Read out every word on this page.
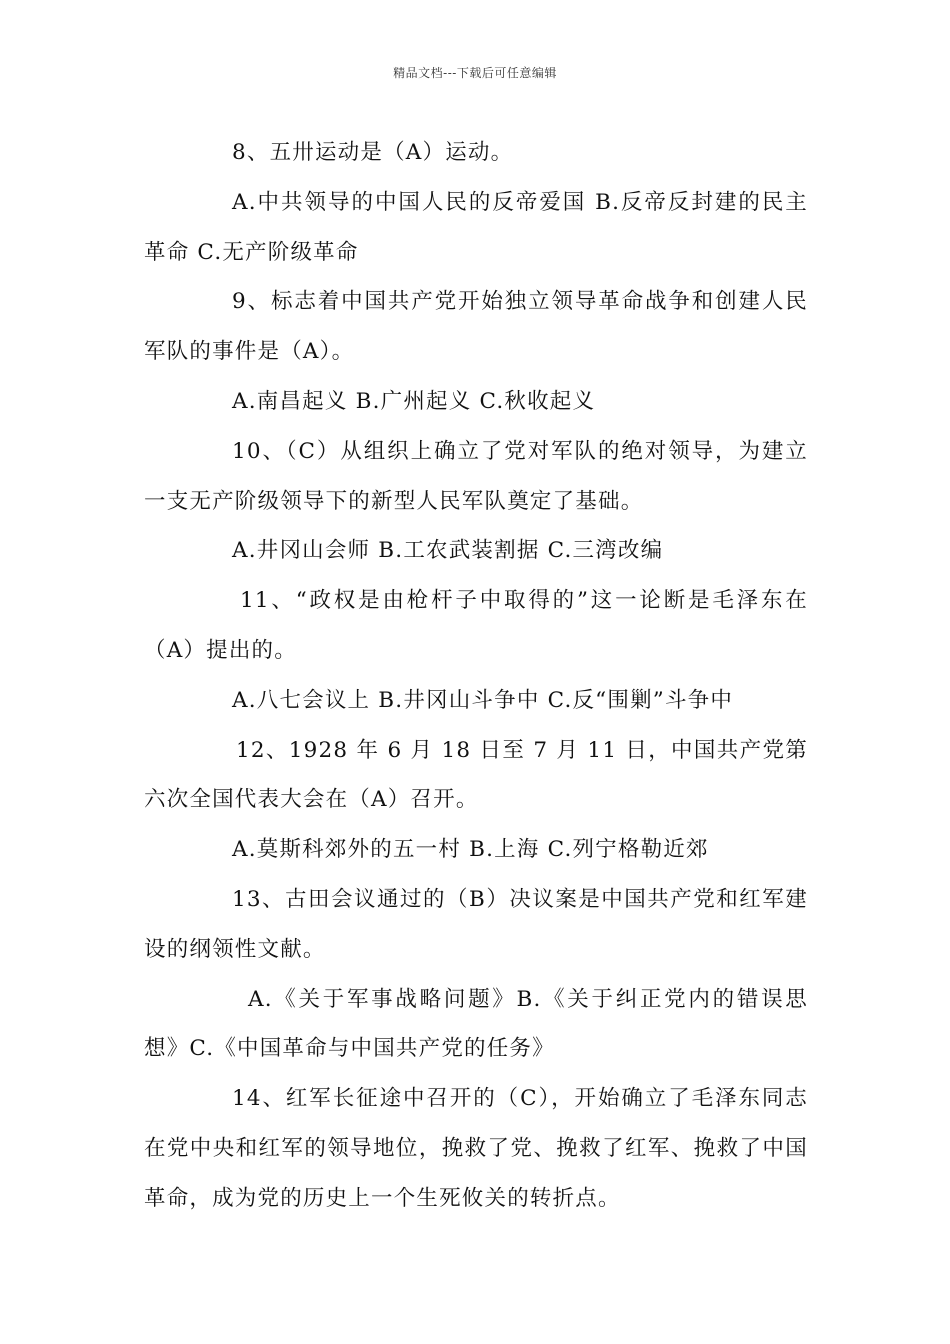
精品文档---下载后可任意编辑

8、五卅运动是（A）运动。

A.中共领导的中国人民的反帝爱国 B.反帝反封建的民主革命 C.无产阶级革命

9、标志着中国共产党开始独立领导革命战争和创建人民军队的事件是（A）。

A.南昌起义 B.广州起义 C.秋收起义

10、（C）从组织上确立了党对军队的绝对领导，为建立一支无产阶级领导下的新型人民军队奠定了基础。

A.井冈山会师 B.工农武装割据 C.三湾改编

11、“政权是由枪杆子中取得的”这一论断是毛泽东在（A）提出的。

A.八七会议上 B.井冈山斗争中 C.反“围剿”斗争中

12、1928 年 6 月 18 日至 7 月 11 日，中国共产党第六次全国代表大会在（A）召开。

A.莫斯科郊外的五一村 B.上海 C.列宁格勒近郊

13、古田会议通过的（B）决议案是中国共产党和红军建设的纲领性文献。

A.《关于军事战略问题》B.《关于纠正党内的错误思想》C.《中国革命与中国共产党的任务》

14、红军长征途中召开的（C），开始确立了毛泽东同志在党中央和红军的领导地位，挽救了党、挽救了红军、挽救了中国革命，成为党的历史上一个生死攸关的转折点。
